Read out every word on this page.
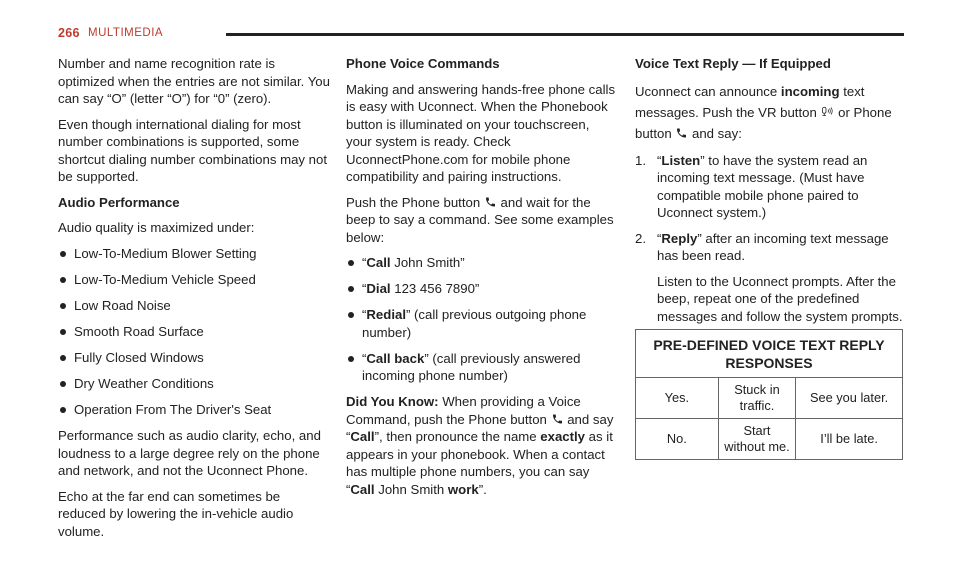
266 MULTIMEDIA

Number and name recognition rate is optimized when the entries are not similar. You can say “O” (letter “O”) for “0” (zero).

Even though international dialing for most number combinations is supported, some shortcut dialing number combinations may not be supported.

Audio Performance

Audio quality is maximized under:

Low-To-Medium Blower Setting
Low-To-Medium Vehicle Speed
Low Road Noise
Smooth Road Surface
Fully Closed Windows
Dry Weather Conditions
Operation From The Driver's Seat

Performance such as audio clarity, echo, and loudness to a large degree rely on the phone and network, and not the Uconnect Phone.

Echo at the far end can sometimes be reduced by lowering the in-vehicle audio volume.

Phone Voice Commands

Making and answering hands-free phone calls is easy with Uconnect. When the Phonebook button is illuminated on your touchscreen, your system is ready. Check UconnectPhone.com for mobile phone compatibility and pairing instructions.

Push the Phone button and wait for the beep to say a command. See some examples below:

“Call John Smith”
“Dial 123 456 7890”
“Redial” (call previous outgoing phone number)
“Call back” (call previously answered incoming phone number)

Did You Know: When providing a Voice Command, push the Phone button  and say “Call”, then pronounce the name exactly as it appears in your phonebook. When a contact has multiple phone numbers, you can say “Call John Smith work”.

Voice Text Reply — If Equipped

Uconnect can announce incoming text messages. Push the VR button or Phone button and say:

1. “Listen” to have the system read an incoming text message. (Must have compatible mobile phone paired to Uconnect system.)
2. “Reply” after an incoming text message has been read.
Listen to the Uconnect prompts. After the beep, repeat one of the predefined messages and follow the system prompts.
PRE-DEFINED VOICE TEXT REPLY RESPONSES		
Yes.	Stuck in traffic.	See you later.
No.	Start without me.	I’ll be late.
